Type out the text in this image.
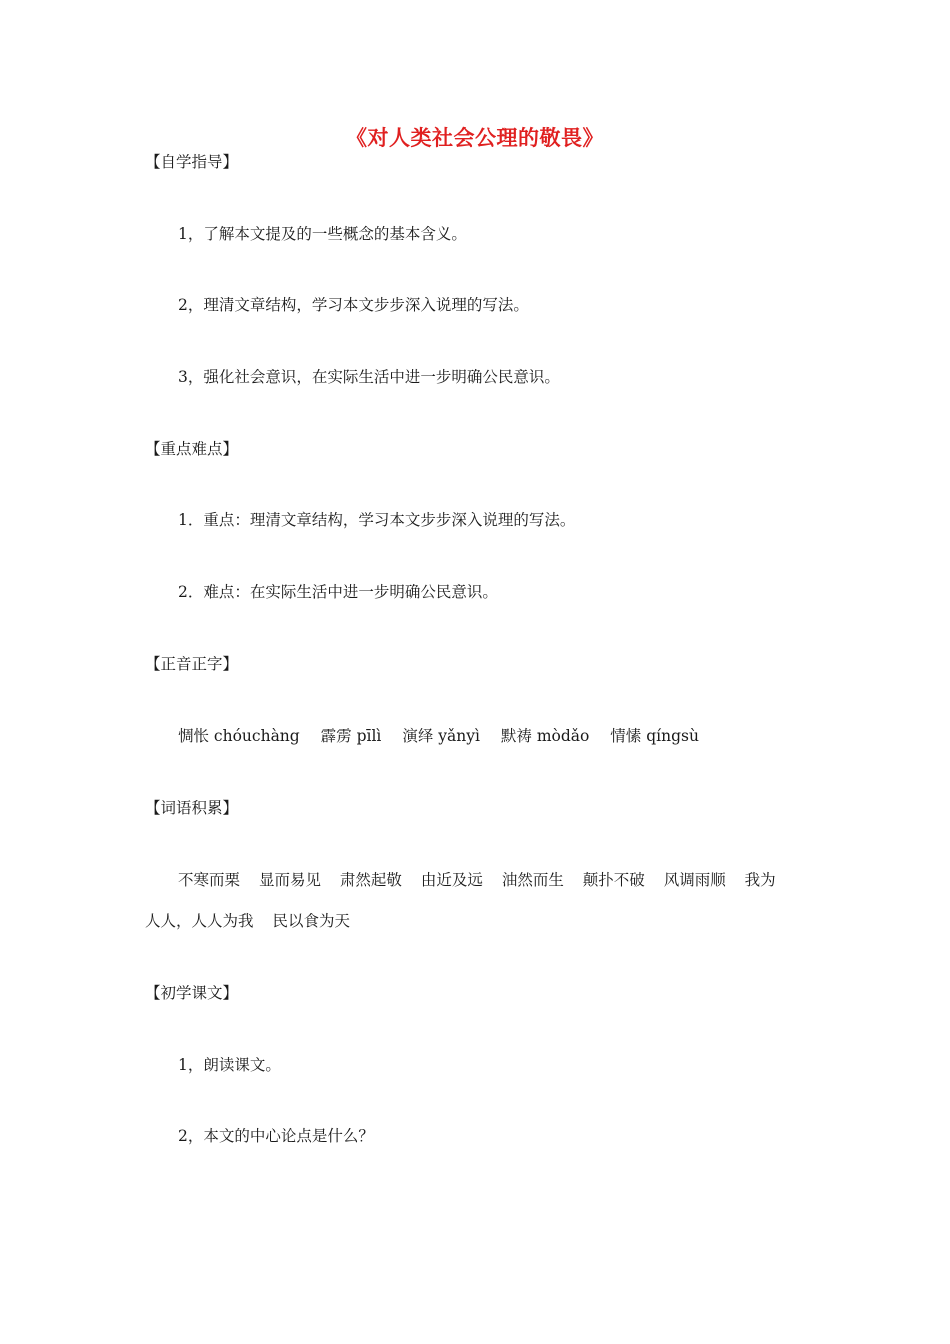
《对人类社会公理的敬畏》
【自学指导】
1，了解本文提及的一些概念的基本含义。
2，理清文章结构，学习本文步步深入说理的写法。
3，强化社会意识，在实际生活中进一步明确公民意识。
【重点难点】
1．重点：理清文章结构，学习本文步步深入说理的写法。
2．难点：在实际生活中进一步明确公民意识。
【正音正字】
惆怅 chóuchàng 霹雳 pīlì 演绎 yǎnyì 默祷 mòdǎo 情愫 qíngsù
【词语积累】
不寒而栗 显而易见 肃然起敬 由近及远 油然而生 颠扑不破 风调雨顺 我为
人人，人人为我 民以食为天
【初学课文】
1，朗读课文。
2，本文的中心论点是什么？
